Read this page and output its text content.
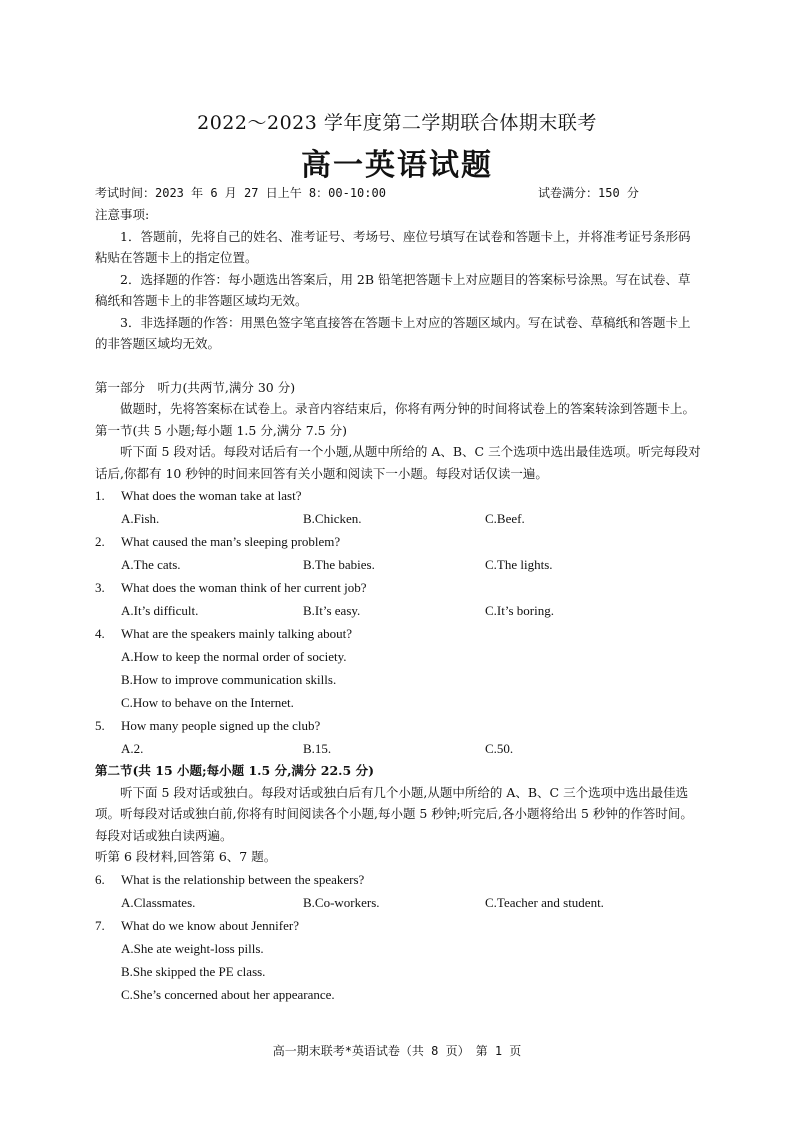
2022～2023 学年度第二学期联合体期末联考
高一英语试题
考试时间：2023 年 6 月 27 日上午 8：00-10:00	试卷满分：150 分

注意事项:

1．答题前，先将自己的姓名、准考证号、考场号、座位号填写在试卷和答题卡上，并将准考证号条形码粘贴在答题卡上的指定位置。

2．选择题的作答：每小题选出答案后，用 2B 铅笔把答题卡上对应题目的答案标号涂黑。写在试卷、草稿纸和答题卡上的非答题区域均无效。

3．非选择题的作答：用黑色签字笔直接答在答题卡上对应的答题区域内。写在试卷、草稿纸和答题卡上的非答题区域均无效。

第一部分　听力(共两节,满分 30 分)

做题时，先将答案标在试卷上。录音内容结束后，你将有两分钟的时间将试卷上的答案转涂到答题卡上。

第一节(共 5 小题;每小题 1.5 分,满分 7.5 分)

听下面 5 段对话。每段对话后有一个小题,从题中所给的 A、B、C 三个选项中选出最佳选项。听完每段对话后,你都有 10 秒钟的时间来回答有关小题和阅读下一小题。每段对话仅读一遍。

1.	What does the woman take at last?
A.Fish.	B.Chicken.	C.Beef.
2.	What caused the man’s sleeping problem?
A.The cats.	B.The babies.	C.The lights.
3.	What does the woman think of her current job?
A.It’s difficult.	B.It’s easy.	C.It’s boring.
4.	What are the speakers mainly talking about?

A.How to keep the normal order of society.

B.How to improve communication skills.

C.How to behave on the Internet.

5.	How many people signed up the club?
A.2.	B.15.	C.50.

第二节(共 15 小题;每小题 1.5 分,满分 22.5 分)

听下面 5 段对话或独白。每段对话或独白后有几个小题,从题中所给的 A、B、C 三个选项中选出最佳选项。听每段对话或独白前,你将有时间阅读各个小题,每小题 5 秒钟;听完后,各小题将给出 5 秒钟的作答时间。每段对话或独白读两遍。

听第 6 段材料,回答第 6、7 题。

6.	What is the relationship between the speakers?
A.Classmates.	B.Co-workers.	C.Teacher and student.
7.	What do we know about Jennifer?

A.She ate weight-loss pills.

B.She skipped the PE class.

C.She’s concerned about her appearance.

高一期末联考*英语试卷（共 8 页）　第 1 页
